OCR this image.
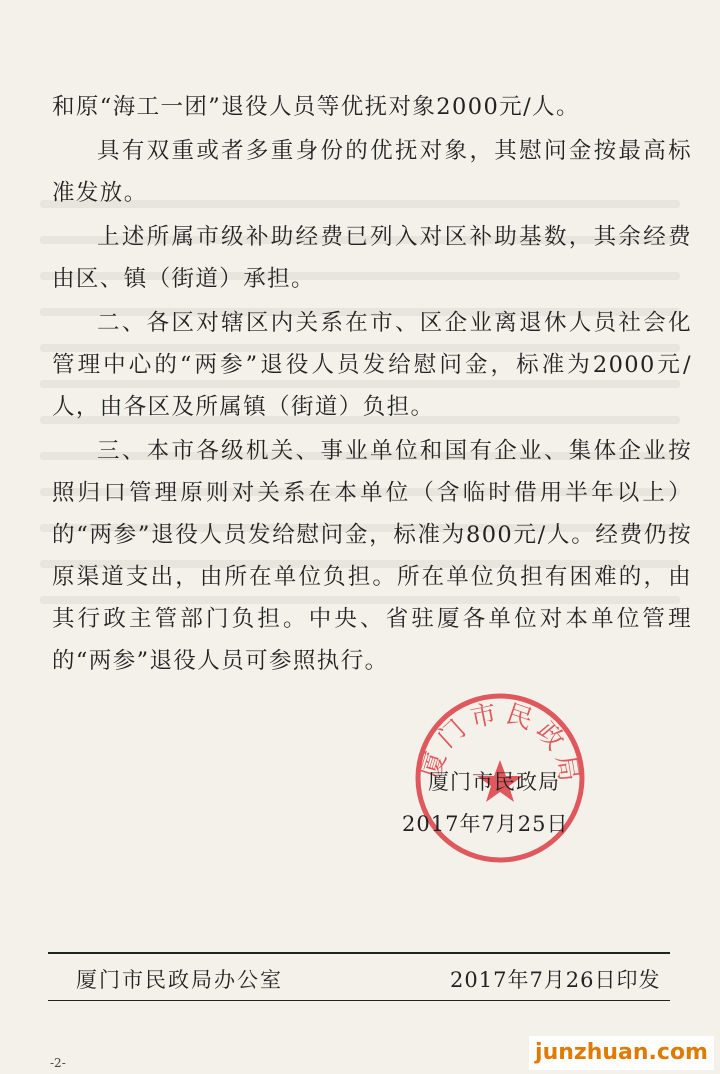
和原“海工一团”退役人员等优抚对象2000元/人。

具有双重或者多重身份的优抚对象，其慰问金按最高标准发放。

上述所属市级补助经费已列入对区补助基数，其余经费由区、镇（街道）承担。

二、各区对辖区内关系在市、区企业离退休人员社会化管理中心的“两参”退役人员发给慰问金，标准为2000元/人，由各区及所属镇（街道）负担。

三、本市各级机关、事业单位和国有企业、集体企业按照归口管理原则对关系在本单位（含临时借用半年以上）的“两参”退役人员发给慰问金，标准为800元/人。经费仍按原渠道支出，由所在单位负担。所在单位负担有困难的，由其行政主管部门负担。中央、省驻厦各单位对本单位管理的“两参”退役人员可参照执行。

厦门市民政局
厦门市民政局
2017年7月25日
厦门市民政局办公室	2017年7月26日印发
-2-	junzhuan.com
